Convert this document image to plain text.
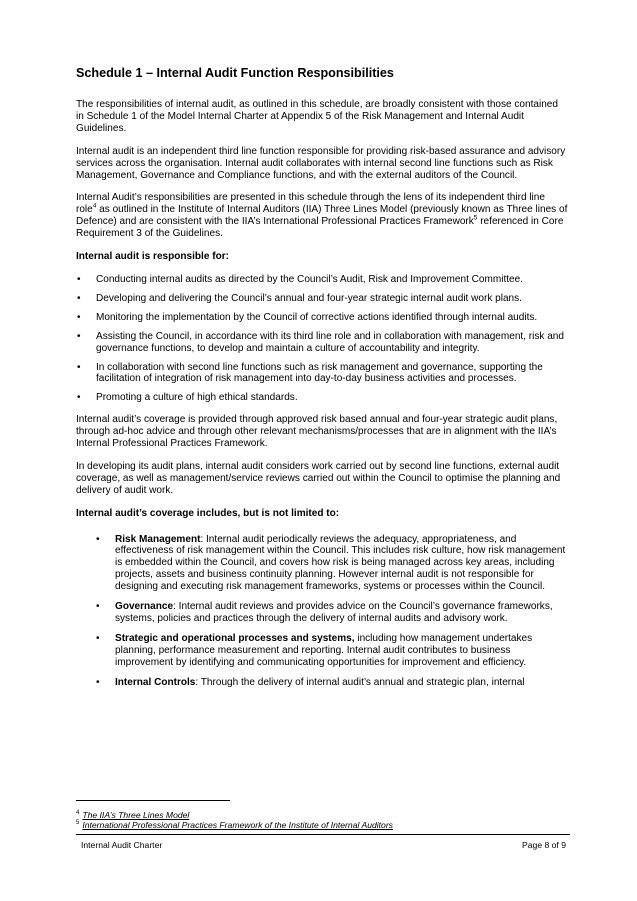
Schedule 1 – Internal Audit Function Responsibilities

The responsibilities of internal audit, as outlined in this schedule, are broadly consistent with those contained in Schedule 1 of the Model Internal Charter at Appendix 5 of the Risk Management and Internal Audit Guidelines.

Internal audit is an independent third line function responsible for providing risk-based assurance and advisory services across the organisation. Internal audit collaborates with internal second line functions such as Risk Management, Governance and Compliance functions, and with the external auditors of the Council.

Internal Audit’s responsibilities are presented in this schedule through the lens of its independent third line role$^4$ as outlined in the Institute of Internal Auditors (IIA) Three Lines Model (previously known as Three lines of Defence) and are consistent with the IIA’s International Professional Practices Framework$^5$ referenced in Core Requirement 3 of the Guidelines.

Internal audit is responsible for:

• Conducting internal audits as directed by the Council’s Audit, Risk and Improvement Committee.
• Developing and delivering the Council’s annual and four-year strategic internal audit work plans.
• Monitoring the implementation by the Council of corrective actions identified through internal audits.
• Assisting the Council, in accordance with its third line role and in collaboration with management, risk and governance functions, to develop and maintain a culture of accountability and integrity.
• In collaboration with second line functions such as risk management and governance, supporting the facilitation of integration of risk management into day-to-day business activities and processes.
• Promoting a culture of high ethical standards.

Internal audit’s coverage is provided through approved risk based annual and four-year strategic audit plans, through ad-hoc advice and through other relevant mechanisms/processes that are in alignment with the IIA’s Internal Professional Practices Framework.

In developing its audit plans, internal audit considers work carried out by second line functions, external audit coverage, as well as management/service reviews carried out within the Council to optimise the planning and delivery of audit work.

Internal audit’s coverage includes, but is not limited to:

• Risk Management: Internal audit periodically reviews the adequacy, appropriateness, and effectiveness of risk management within the Council. This includes risk culture, how risk management is embedded within the Council, and covers how risk is being managed across key areas, including projects, assets and business continuity planning. However internal audit is not responsible for designing and executing risk management frameworks, systems or processes within the Council.
• Governance: Internal audit reviews and provides advice on the Council’s governance frameworks, systems, policies and practices through the delivery of internal audits and advisory work.
• Strategic and operational processes and systems, including how management undertakes planning, performance measurement and reporting. Internal audit contributes to business improvement by identifying and communicating opportunities for improvement and efficiency.
• Internal Controls: Through the delivery of internal audit’s annual and strategic plan, internal
$^4$ The IIA’s Three Lines Model
$^5$ International Professional Practices Framework of the Institute of Internal Auditors
Internal Audit Charter	Page 8 of 9
